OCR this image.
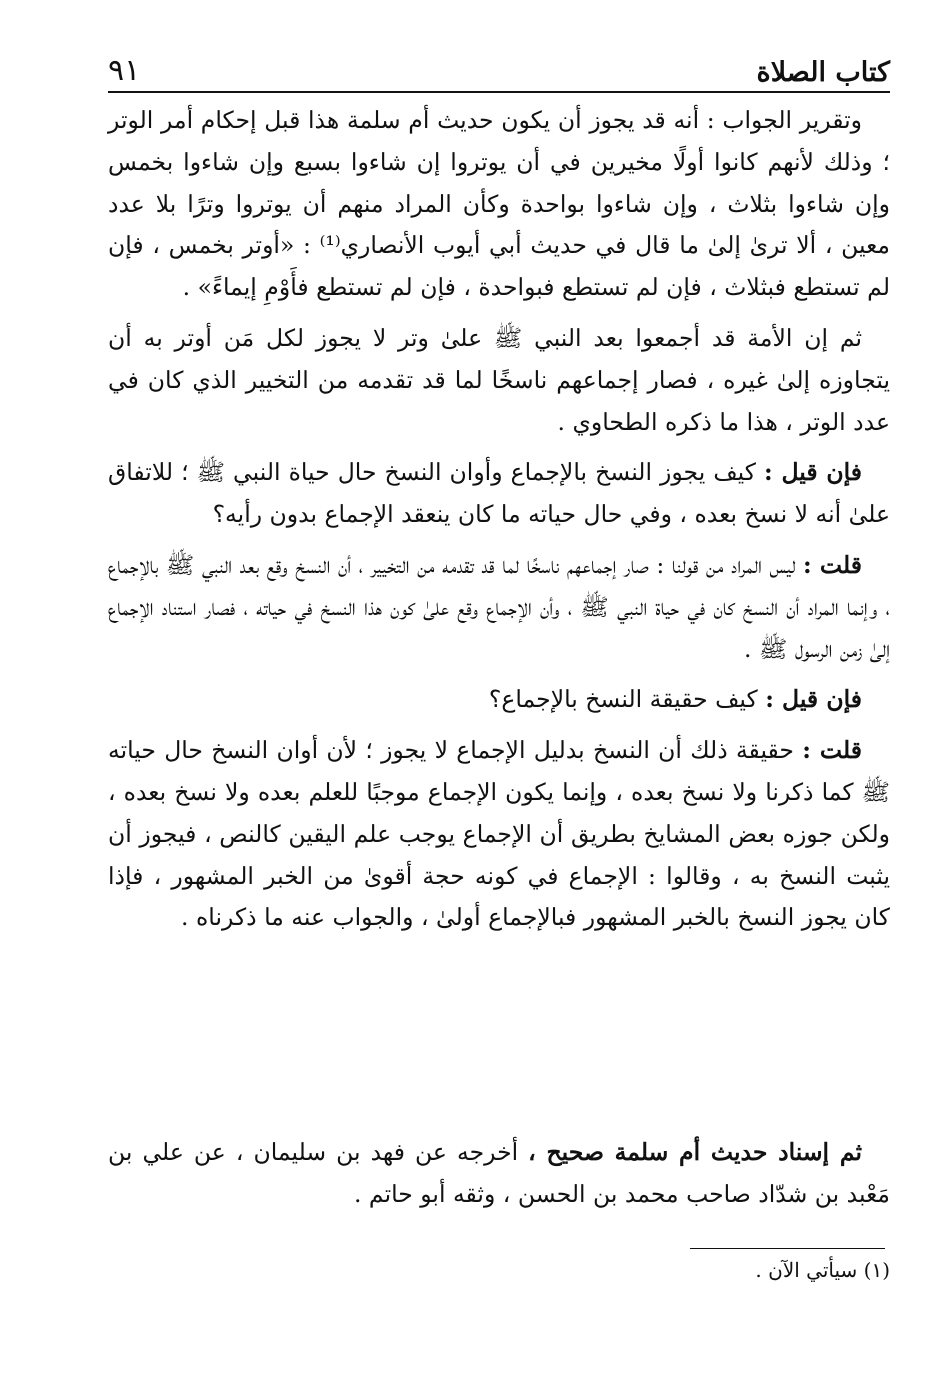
كتاب الصلاة
٩١

وتقرير الجواب : أنه قد يجوز أن يكون حديث أم سلمة هذا قبل إحكام أمر الوتر ؛ وذلك لأنهم كانوا أولًا مخيرين في أن يوتروا إن شاءوا بسبع وإن شاءوا بخمس وإن شاءوا بثلاث ، وإن شاءوا بواحدة وكأن المراد منهم أن يوتروا وترًا بلا عدد معين ، ألا ترىٰ إلىٰ ما قال في حديث أبي أيوب الأنصاري⁽¹⁾ : «أوتر بخمس ، فإن لم تستطع فبثلاث ، فإن لم تستطع فبواحدة ، فإن لم تستطع فأَوْمِ إيماءً» .

ثم إن الأمة قد أجمعوا بعد النبي ﷺ علىٰ وتر لا يجوز لكل مَن أوتر به أن يتجاوزه إلىٰ غيره ، فصار إجماعهم ناسخًا لما قد تقدمه من التخيير الذي كان في عدد الوتر ، هذا ما ذكره الطحاوي .

فإن قيل : كيف يجوز النسخ بالإجماع وأوان النسخ حال حياة النبي ﷺ ؛ للاتفاق علىٰ أنه لا نسخ بعده ، وفي حال حياته ما كان ينعقد الإجماع بدون رأيه؟

قلت : ليس المراد من قولنا : صار إجماعهم ناسخًا لما قد تقدمه من التخيير ، أن النسخ وقع بعد النبي ﷺ بالإجماع ، وإنما المراد أن النسخ كان في حياة النبي ﷺ ، وأن الإجماع وقع علىٰ كون هذا النسخ في حياته ، فصار استناد الإجماع إلىٰ زمن الرسول ﷺ .

فإن قيل : كيف حقيقة النسخ بالإجماع؟

قلت : حقيقة ذلك أن النسخ بدليل الإجماع لا يجوز ؛ لأن أوان النسخ حال حياته ﷺ كما ذكرنا ولا نسخ بعده ، وإنما يكون الإجماع موجبًا للعلم بعده ولا نسخ بعده ، ولكن جوزه بعض المشايخ بطريق أن الإجماع يوجب علم اليقين كالنص ، فيجوز أن يثبت النسخ به ، وقالوا : الإجماع في كونه حجة أقوىٰ من الخبر المشهور ، فإذا كان يجوز النسخ بالخبر المشهور فبالإجماع أولىٰ ، والجواب عنه ما ذكرناه .

ثم إسناد حديث أم سلمة صحيح ، أخرجه عن فهد بن سليمان ، عن علي بن مَعْبد بن شدّاد صاحب محمد بن الحسن ، وثقه أبو حاتم .

(١) سيأتي الآن .
